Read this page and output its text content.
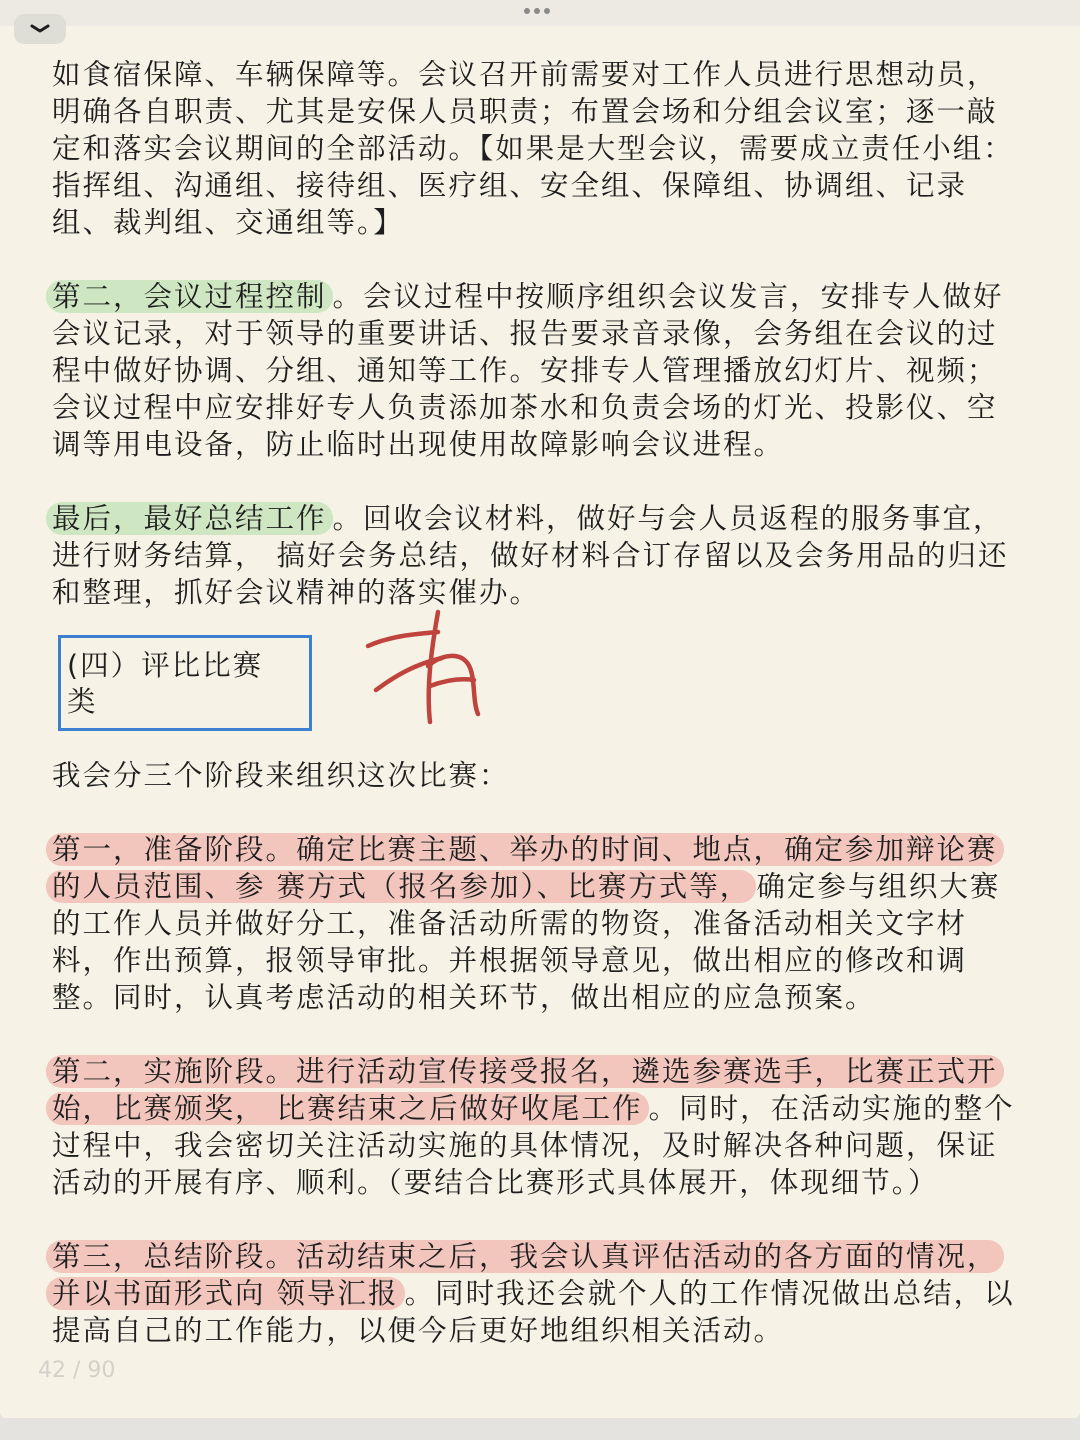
如食宿保障、车辆保障等。会议召开前需要对工作人员进行思想动员，明确各自职责、尤其是安保人员职责；布置会场和分组会议室；逐一敲定和落实会议期间的全部活动。【如果是大型会议，需要成立责任小组：指挥组、沟通组、接待组、医疗组、安全组、保障组、协调组、记录组、裁判组、交通组等。】

第二，会议过程控制 。会议过程中按顺序组织会议发言，安排专人做好会议记录，对于领导的重要讲话、报告要录音录像，会务组在会议的过程中做好协调、分组、通知等工作。安排专人管理播放幻灯片、视频；会议过程中应安排好专人负责添加茶水和负责会场的灯光、投影仪、空调等用电设备，防止临时出现使用故障影响会议进程。

最后，最好总结工作 。回收会议材料，做好与会人员返程的服务事宜，进行财务结算， 搞好会务总结，做好材料合订存留以及会务用品的归还和整理，抓好会议精神的落实催办。

(四）评比比赛类

我会分三个阶段来组织这次比赛：

第一，准备阶段。确定比赛主题、举办的时间、地点，确定参加辩论赛的人员范围、参 赛方式（报名参加）、比赛方式等， 确定参与组织大赛的工作人员并做好分工，准备活动所需的物资，准备活动相关文字材料，作出预算，报领导审批。并根据领导意见，做出相应的修改和调整。同时，认真考虑活动的相关环节，做出相应的应急预案。

第二，实施阶段。进行活动宣传接受报名，遴选参赛选手，比赛正式开始，比赛颁奖， 比赛结束之后做好收尾工作 。同时，在活动实施的整个过程中，我会密切关注活动实施的具体情况，及时解决各种问题，保证活动的开展有序、顺利。（要结合比赛形式具体展开，体现细节。）

第三，总结阶段。活动结束之后，我会认真评估活动的各方面的情况，并以书面形式向 领导汇报 。同时我还会就个人的工作情况做出总结，以提高自己的工作能力，以便今后更好地组织相关活动。

42 / 90
